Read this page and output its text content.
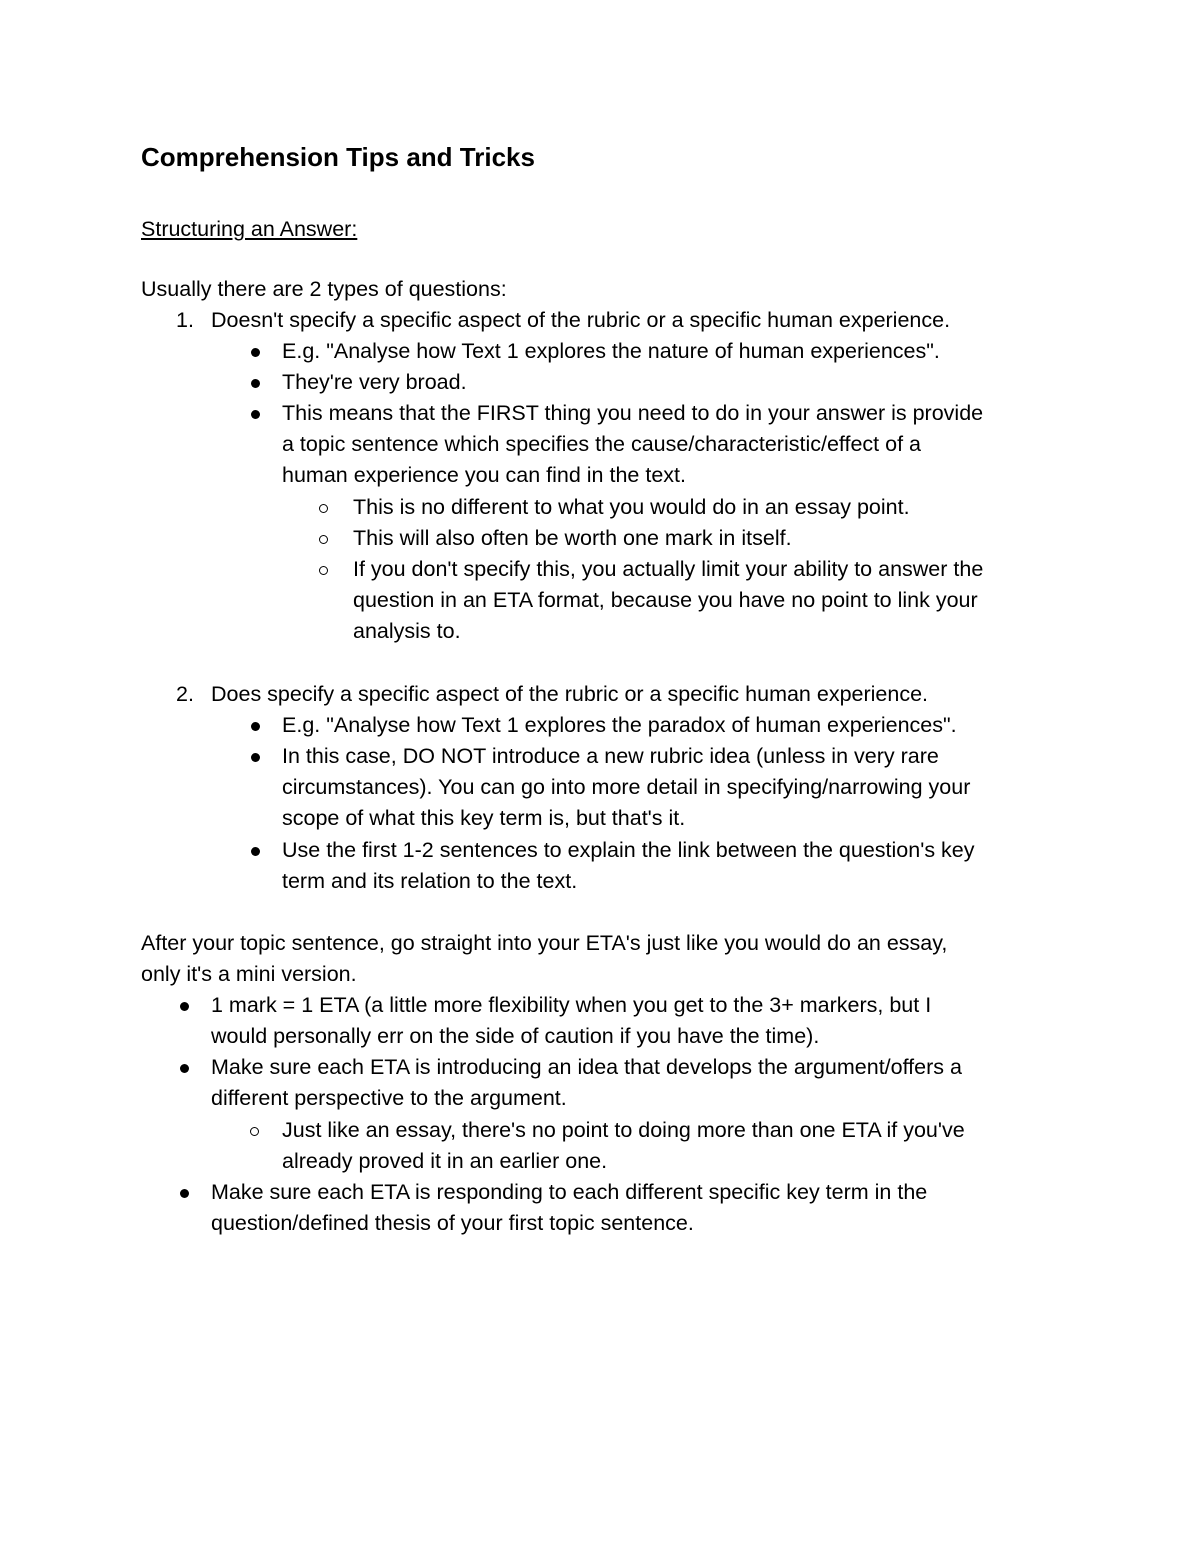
Comprehension Tips and Tricks
Structuring an Answer:
Usually there are 2 types of questions:
1. Doesn't specify a specific aspect of the rubric or a specific human experience.
E.g. "Analyse how Text 1 explores the nature of human experiences".
They're very broad.
This means that the FIRST thing you need to do in your answer is provide
a topic sentence which specifies the cause/characteristic/effect of a
human experience you can find in the text.
This is no different to what you would do in an essay point.
This will also often be worth one mark in itself.
If you don't specify this, you actually limit your ability to answer the
question in an ETA format, because you have no point to link your
analysis to.
2. Does specify a specific aspect of the rubric or a specific human experience.
E.g. "Analyse how Text 1 explores the paradox of human experiences".
In this case, DO NOT introduce a new rubric idea (unless in very rare
circumstances). You can go into more detail in specifying/narrowing your
scope of what this key term is, but that's it.
Use the first 1-2 sentences to explain the link between the question's key
term and its relation to the text.
After your topic sentence, go straight into your ETA's just like you would do an essay,
only it's a mini version.
1 mark = 1 ETA (a little more flexibility when you get to the 3+ markers, but I
would personally err on the side of caution if you have the time).
Make sure each ETA is introducing an idea that develops the argument/offers a
different perspective to the argument.
Just like an essay, there's no point to doing more than one ETA if you've
already proved it in an earlier one.
Make sure each ETA is responding to each different specific key term in the
question/defined thesis of your first topic sentence.
